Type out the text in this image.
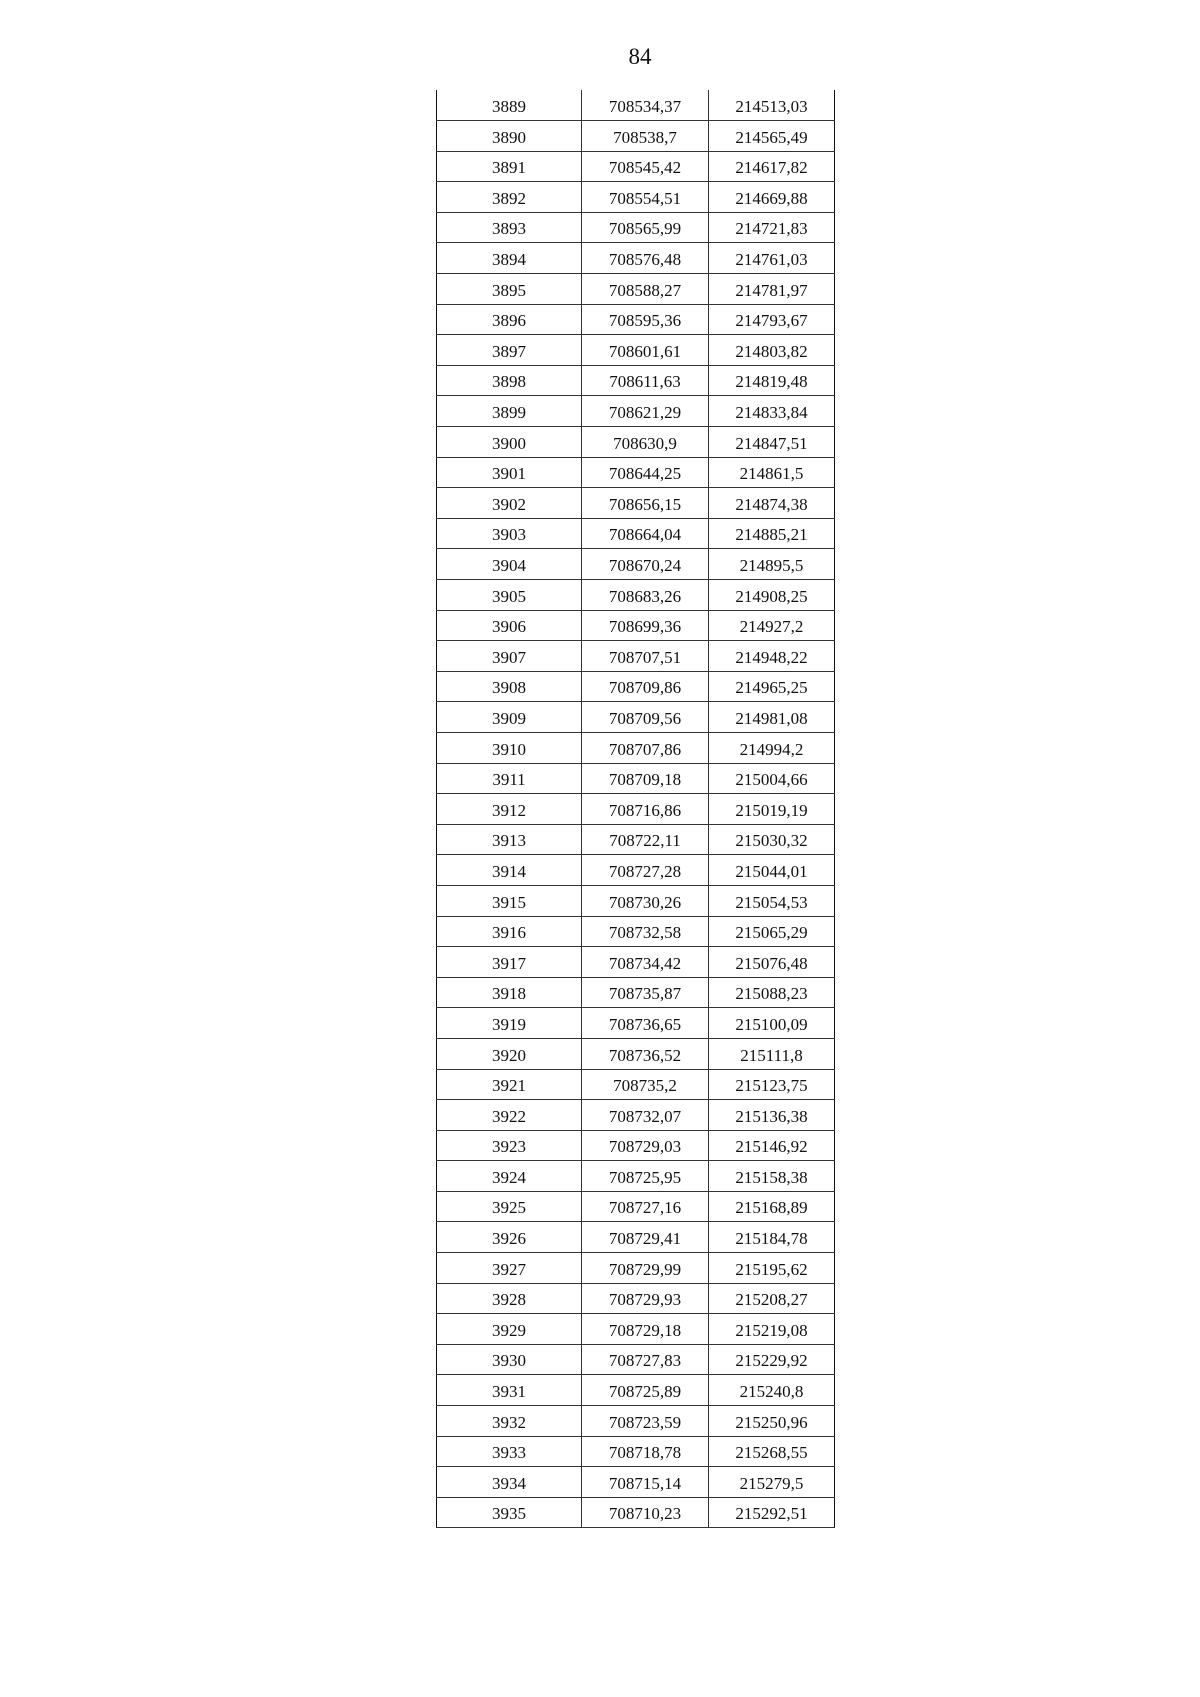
84
3889	708534,37	214513,03
3890	708538,7	214565,49
3891	708545,42	214617,82
3892	708554,51	214669,88
3893	708565,99	214721,83
3894	708576,48	214761,03
3895	708588,27	214781,97
3896	708595,36	214793,67
3897	708601,61	214803,82
3898	708611,63	214819,48
3899	708621,29	214833,84
3900	708630,9	214847,51
3901	708644,25	214861,5
3902	708656,15	214874,38
3903	708664,04	214885,21
3904	708670,24	214895,5
3905	708683,26	214908,25
3906	708699,36	214927,2
3907	708707,51	214948,22
3908	708709,86	214965,25
3909	708709,56	214981,08
3910	708707,86	214994,2
3911	708709,18	215004,66
3912	708716,86	215019,19
3913	708722,11	215030,32
3914	708727,28	215044,01
3915	708730,26	215054,53
3916	708732,58	215065,29
3917	708734,42	215076,48
3918	708735,87	215088,23
3919	708736,65	215100,09
3920	708736,52	215111,8
3921	708735,2	215123,75
3922	708732,07	215136,38
3923	708729,03	215146,92
3924	708725,95	215158,38
3925	708727,16	215168,89
3926	708729,41	215184,78
3927	708729,99	215195,62
3928	708729,93	215208,27
3929	708729,18	215219,08
3930	708727,83	215229,92
3931	708725,89	215240,8
3932	708723,59	215250,96
3933	708718,78	215268,55
3934	708715,14	215279,5
3935	708710,23	215292,51
